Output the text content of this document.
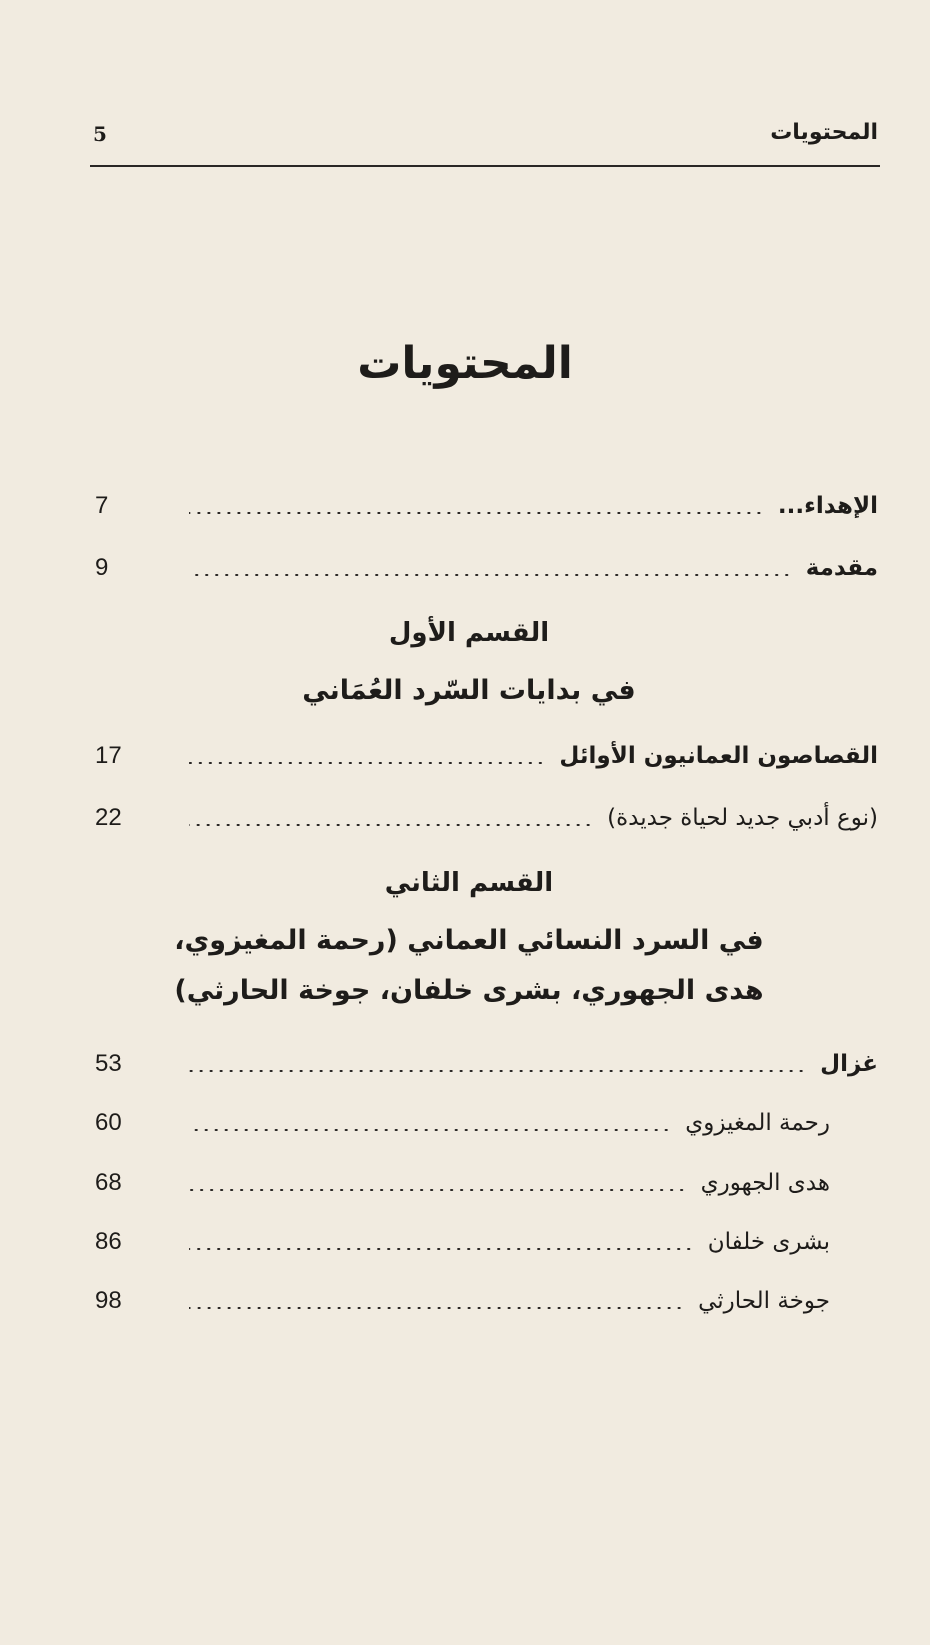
المحتويات
5
المحتويات
7	الإهداء...
9	مقدمة
القسم الأول
في بدايات السّرد العُمَاني
17	القصاصون العمانيون الأوائل
22	(نوع أدبي جديد لحياة جديدة)
القسم الثاني
في السرد النسائي العماني (رحمة المغيزوي،
هدى الجهوري، بشرى خلفان، جوخة الحارثي)
53	غزال
60	رحمة المغيزوي
68	هدى الجهوري
86	بشرى خلفان
98	جوخة الحارثي
